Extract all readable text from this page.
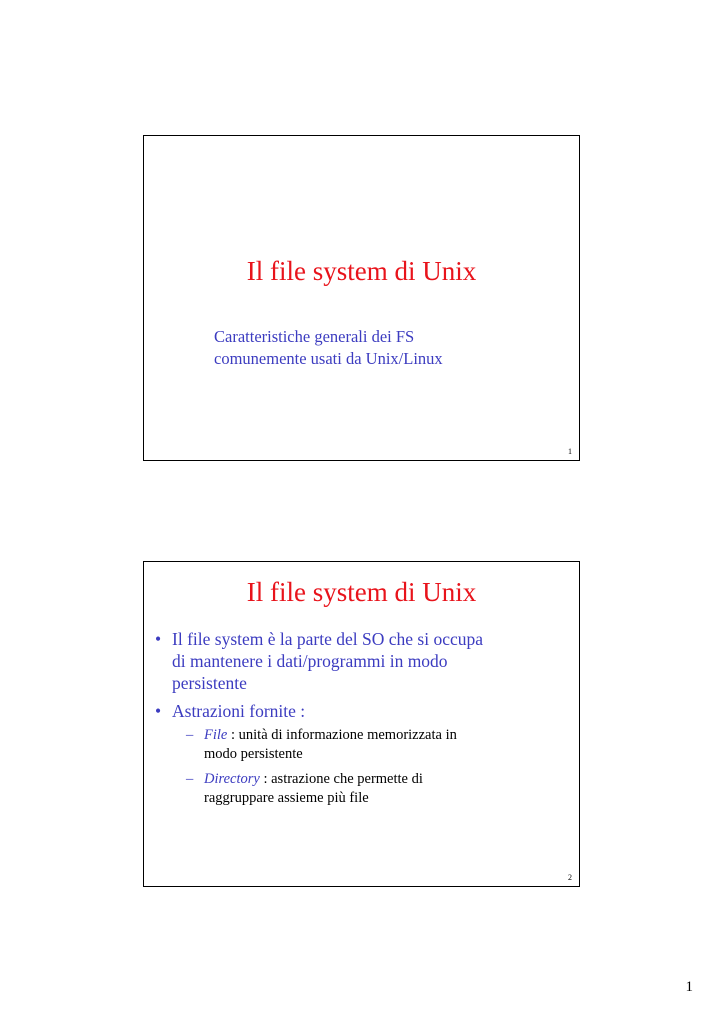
Il file system di Unix
Caratteristiche generali dei FS
comunemente usati da Unix/Linux
1
Il file system di Unix
• Il file system è la parte del SO che si occupa
di mantenere i dati/programmi in modo
persistente
• Astrazioni fornite :
– File : unità di informazione memorizzata in
modo persistente
– Directory : astrazione che permette di
raggruppare assieme più file
2
1
